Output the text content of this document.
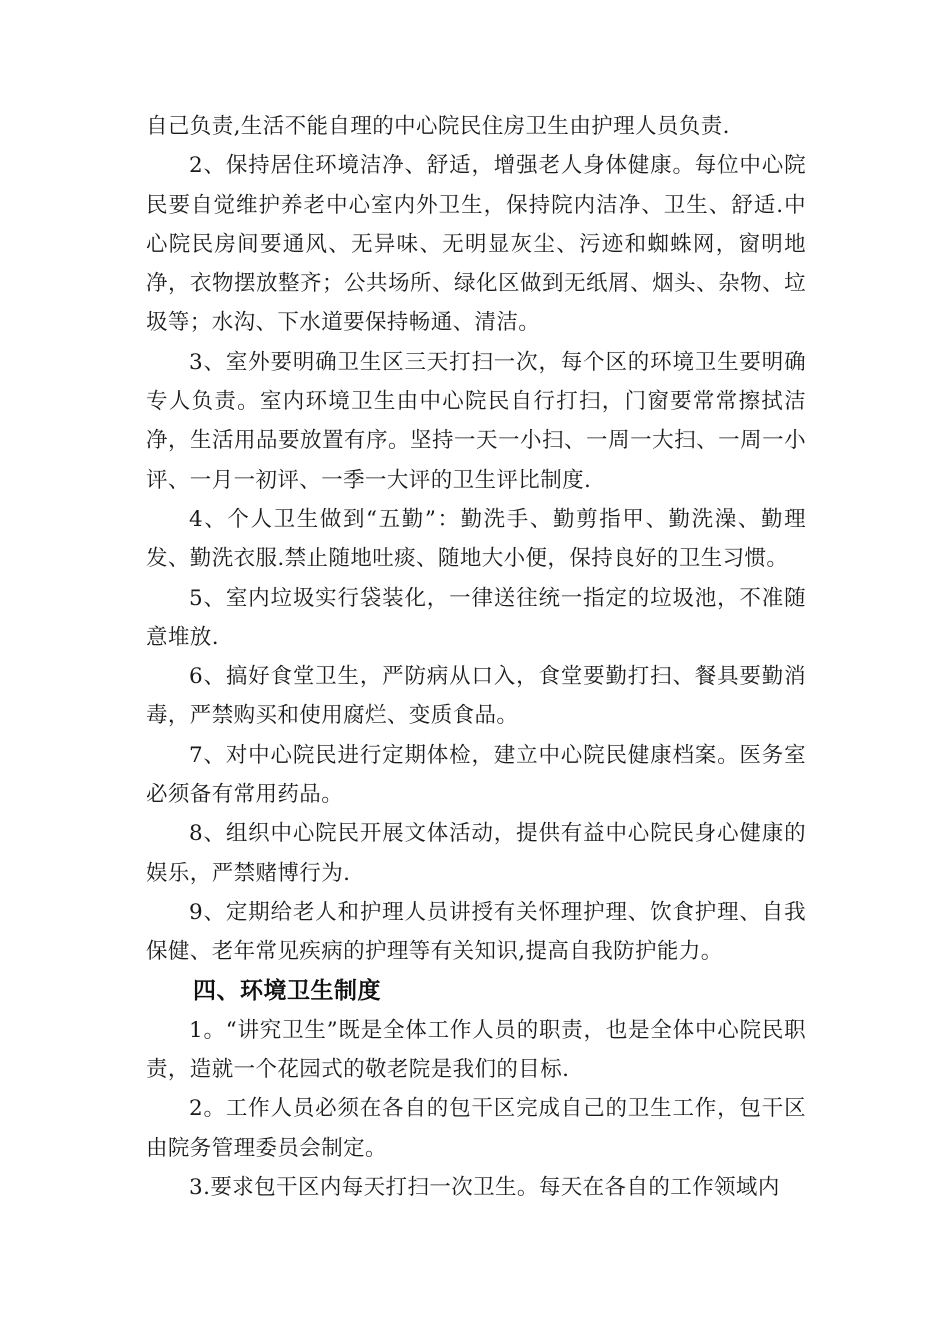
自己负责,生活不能自理的中心院民住房卫生由护理人员负责.

2、保持居住环境洁净、舒适，增强老人身体健康。每位中心院民要自觉维护养老中心室内外卫生，保持院内洁净、卫生、舒适.中心院民房间要通风、无异味、无明显灰尘、污迹和蜘蛛网，窗明地净，衣物摆放整齐；公共场所、绿化区做到无纸屑、烟头、杂物、垃圾等；水沟、下水道要保持畅通、清洁。

3、室外要明确卫生区三天打扫一次，每个区的环境卫生要明确专人负责。室内环境卫生由中心院民自行打扫，门窗要常常擦拭洁净，生活用品要放置有序。坚持一天一小扫、一周一大扫、一周一小评、一月一初评、一季一大评的卫生评比制度.

4、个人卫生做到“五勤”：勤洗手、勤剪指甲、勤洗澡、勤理发、勤洗衣服.禁止随地吐痰、随地大小便，保持良好的卫生习惯。

5、室内垃圾实行袋装化，一律送往统一指定的垃圾池，不准随意堆放.

6、搞好食堂卫生，严防病从口入，食堂要勤打扫、餐具要勤消毒，严禁购买和使用腐烂、变质食品。

7、对中心院民进行定期体检，建立中心院民健康档案。医务室必须备有常用药品。

8、组织中心院民开展文体活动，提供有益中心院民身心健康的娱乐，严禁赌博行为.

9、定期给老人和护理人员讲授有关怀理护理、饮食护理、自我保健、老年常见疾病的护理等有关知识,提高自我防护能力。

四、环境卫生制度

1。“讲究卫生”既是全体工作人员的职责，也是全体中心院民职责，造就一个花园式的敬老院是我们的目标.

2。工作人员必须在各自的包干区完成自己的卫生工作，包干区由院务管理委员会制定。

3.要求包干区内每天打扫一次卫生。每天在各自的工作领域内
